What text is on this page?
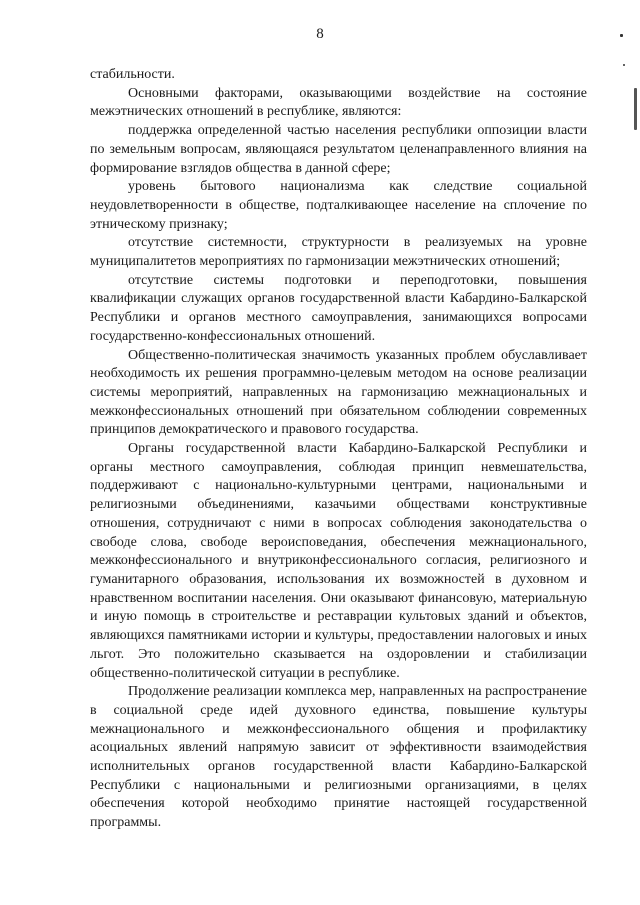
8

стабильности.

Основными факторами, оказывающими воздействие на состояние межэтнических отношений в республике, являются:

поддержка определенной частью населения республики оппозиции власти по земельным вопросам, являющаяся результатом целенаправленного влияния на формирование взглядов общества в данной сфере;

уровень бытового национализма как следствие социальной неудовлетворенности в обществе, подталкивающее население на сплочение по этническому признаку;

отсутствие системности, структурности в реализуемых на уровне муниципалитетов мероприятиях по гармонизации межэтнических отношений;

отсутствие системы подготовки и переподготовки, повышения квалификации служащих органов государственной власти Кабардино-Балкарской Республики и органов местного самоуправления, занимающихся вопросами государственно-конфессиональных отношений.

Общественно-политическая значимость указанных проблем обуславливает необходимость их решения программно-целевым методом на основе реализации системы мероприятий, направленных на гармонизацию межнациональных и межконфессиональных отношений при обязательном соблюдении современных принципов демократического и правового государства.

Органы государственной власти Кабардино-Балкарской Республики и органы местного самоуправления, соблюдая принцип невмешательства, поддерживают с национально-культурными центрами, национальными и религиозными объединениями, казачьими обществами конструктивные отношения, сотрудничают с ними в вопросах соблюдения законодательства о свободе слова, свободе вероисповедания, обеспечения межнационального, межконфессионального и внутриконфессионального согласия, религиозного и гуманитарного образования, использования их возможностей в духовном и нравственном воспитании населения. Они оказывают финансовую, материальную и иную помощь в строительстве и реставрации культовых зданий и объектов, являющихся памятниками истории и культуры, предоставлении налоговых и иных льгот. Это положительно сказывается на оздоровлении и стабилизации общественно-политической ситуации в республике.

Продолжение реализации комплекса мер, направленных на распространение в социальной среде идей духовного единства, повышение культуры межнационального и межконфессионального общения и профилактику асоциальных явлений напрямую зависит от эффективности взаимодействия исполнительных органов государственной власти Кабардино-Балкарской Республики с национальными и религиозными организациями, в целях обеспечения которой необходимо принятие настоящей государственной программы.
